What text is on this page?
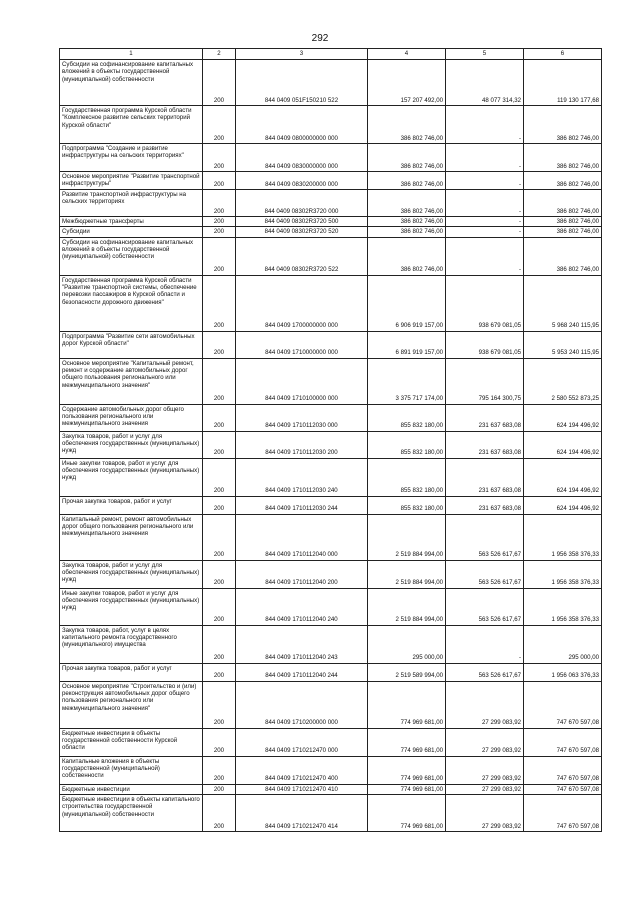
292
1	2	3	4	5	6
Субсидии на софинансирование капитальных вложений в объекты государственной (муниципальной) собственности	200	844 0409 051F150210 522	157 207 492,00	48 077 314,32	119 130 177,68
Государственная программа Курской области "Комплексное развитие сельских территорий Курской области"	200	844 0409 0800000000 000	386 802 746,00	-	386 802 746,00
Подпрограмма "Создание и развитие инфраструктуры на сельских территориях"	200	844 0409 0830000000 000	386 802 746,00	-	386 802 746,00
Основное мероприятие "Развитие транспортной инфраструктуры"	200	844 0409 0830200000 000	386 802 746,00	-	386 802 746,00
Развитие транспортной инфраструктуры на сельских территориях	200	844 0409 08302R3720 000	386 802 746,00	-	386 802 746,00
Межбюджетные трансферты	200	844 0409 08302R3720 500	386 802 746,00	-	386 802 746,00
Субсидии	200	844 0409 08302R3720 520	386 802 746,00	-	386 802 746,00
Субсидии на софинансирование капитальных вложений в объекты государственной (муниципальной) собственности	200	844 0409 08302R3720 522	386 802 746,00	-	386 802 746,00
Государственная программа Курской области "Развитие транспортной системы, обеспечение перевозки пассажиров в Курской области и безопасности дорожного движения"	200	844 0409 1700000000 000	6 906 919 157,00	938 679 081,05	5 968 240 115,95
Подпрограмма "Развитие сети автомобильных дорог Курской области"	200	844 0409 1710000000 000	6 891 919 157,00	938 679 081,05	5 953 240 115,95
Основное мероприятие "Капитальный ремонт, ремонт и содержание автомобильных дорог общего пользования регионального или межмуниципального значения"	200	844 0409 1710100000 000	3 375 717 174,00	795 164 300,75	2 580 552 873,25
Содержание автомобильных дорог общего пользования регионального или межмуниципального значения	200	844 0409 1710112030 000	855 832 180,00	231 637 683,08	624 194 496,92
Закупка товаров, работ и услуг для обеспечения государственных (муниципальных) нужд	200	844 0409 1710112030 200	855 832 180,00	231 637 683,08	624 194 496,92
Иные закупки товаров, работ и услуг для обеспечения государственных (муниципальных) нужд	200	844 0409 1710112030 240	855 832 180,00	231 637 683,08	624 194 496,92
Прочая закупка товаров, работ и услуг	200	844 0409 1710112030 244	855 832 180,00	231 637 683,08	624 194 496,92
Капитальный ремонт, ремонт автомобильных дорог общего пользования регионального или межмуниципального значения	200	844 0409 1710112040 000	2 519 884 994,00	563 526 617,67	1 956 358 376,33
Закупка товаров, работ и услуг для обеспечения государственных (муниципальных) нужд	200	844 0409 1710112040 200	2 519 884 994,00	563 526 617,67	1 956 358 376,33
Иные закупки товаров, работ и услуг для обеспечения государственных (муниципальных) нужд	200	844 0409 1710112040 240	2 519 884 994,00	563 526 617,67	1 956 358 376,33
Закупка товаров, работ, услуг в целях капитального ремонта государственного (муниципального) имущества	200	844 0409 1710112040 243	295 000,00	-	295 000,00
Прочая закупка товаров, работ и услуг	200	844 0409 1710112040 244	2 519 589 994,00	563 526 617,67	1 956 063 376,33
Основное мероприятие "Строительство и (или) реконструкция автомобильных дорог общего пользования регионального или межмуниципального значения"	200	844 0409 1710200000 000	774 969 681,00	27 299 083,92	747 670 597,08
Бюджетные инвестиции в объекты государственной собственности Курской области	200	844 0409 1710212470 000	774 969 681,00	27 299 083,92	747 670 597,08
Капитальные вложения в объекты государственной (муниципальной) собственности	200	844 0409 1710212470 400	774 969 681,00	27 299 083,92	747 670 597,08
Бюджетные инвестиции	200	844 0409 1710212470 410	774 969 681,00	27 299 083,92	747 670 597,08
Бюджетные инвестиции в объекты капитального строительства государственной (муниципальной) собственности	200	844 0409 1710212470 414	774 969 681,00	27 299 083,92	747 670 597,08
